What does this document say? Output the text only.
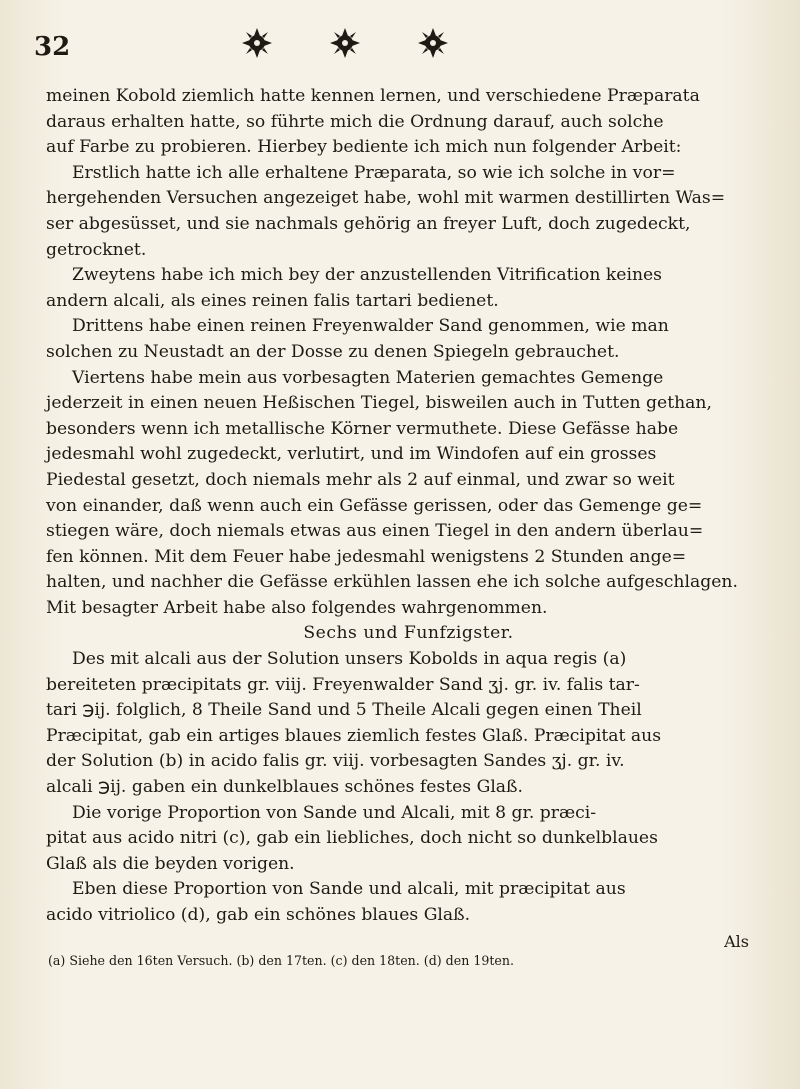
32
meinen Kobold ziemlich hatte kennen lernen, und verschiedene Præparata
daraus erhalten hatte, so führte mich die Ordnung darauf, auch solche
auf Farbe zu probieren. Hierbey bediente ich mich nun folgender Arbeit:
Erstlich hatte ich alle erhaltene Præparata, so wie ich solche in vor=
hergehenden Versuchen angezeiget habe, wohl mit warmen destillirten Was=
ser abgesüsset, und sie nachmals gehörig an freyer Luft, doch zugedeckt,
getrocknet.
Zweytens habe ich mich bey der anzustellenden Vitrification keines
andern alcali, als eines reinen falis tartari bedienet.
Drittens habe einen reinen Freyenwalder Sand genommen, wie man
solchen zu Neustadt an der Dosse zu denen Spiegeln gebrauchet.
Viertens habe mein aus vorbesagten Materien gemachtes Gemenge
jederzeit in einen neuen Heßischen Tiegel, bisweilen auch in Tutten gethan,
besonders wenn ich metallische Körner vermuthete. Diese Gefässe habe
jedesmahl wohl zugedeckt, verlutirt, und im Windofen auf ein grosses
Piedestal gesetzt, doch niemals mehr als 2 auf einmal, und zwar so weit
von einander, daß wenn auch ein Gefässe gerissen, oder das Gemenge ge=
stiegen wäre, doch niemals etwas aus einen Tiegel in den andern überlau=
fen können. Mit dem Feuer habe jedesmahl wenigstens 2 Stunden ange=
halten, und nachher die Gefässe erkühlen lassen ehe ich solche aufgeschlagen.
Mit besagter Arbeit habe also folgendes wahrgenommen.
Sechs und Funfzigster.
Des mit alcali aus der Solution unsers Kobolds in aqua regis (a)
bereiteten præcipitats gr. viij. Freyenwalder Sand ʒj. gr. iv. falis tar-
tari ℈ij. folglich, 8 Theile Sand und 5 Theile Alcali gegen einen Theil
Præcipitat, gab ein artiges blaues ziemlich festes Glaß. Præcipitat aus
der Solution (b) in acido falis gr. viij. vorbesagten Sandes ʒj. gr. iv.
alcali ℈ij. gaben ein dunkelblaues schönes festes Glaß.
Die vorige Proportion von Sande und Alcali, mit 8 gr. præci-
pitat aus acido nitri (c), gab ein liebliches, doch nicht so dunkelblaues
Glaß als die beyden vorigen.
Eben diese Proportion von Sande und alcali, mit præcipitat aus
acido vitriolico (d), gab ein schönes blaues Glaß.
Als
(a) Siehe den 16ten Versuch. (b) den 17ten. (c) den 18ten. (d) den 19ten.
